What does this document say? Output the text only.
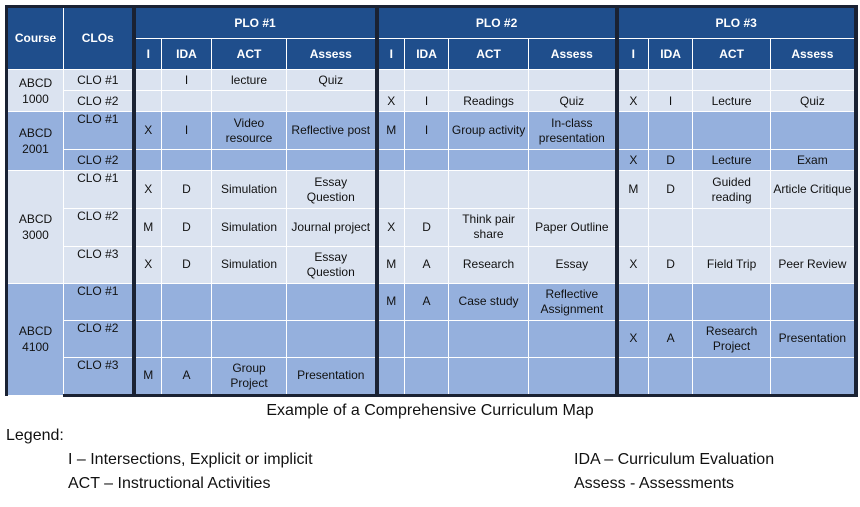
Course	CLOs	PLO #1				PLO #2				PLO #3			
		I	IDA	ACT	Assess	I	IDA	ACT	Assess	I	IDA	ACT	Assess
ABCD 1000	CLO #1		I	lecture	Quiz								
	CLO #2					X	I	Readings	Quiz	X	I	Lecture	Quiz
ABCD 2001	CLO #1	X	I	Video resource	Reflective post	M	I	Group activity	In-class presentation				
	CLO #2									X	D	Lecture	Exam
ABCD 3000	CLO #1	X	D	Simulation	Essay Question					M	D	Guided reading	Article Critique
	CLO #2	M	D	Simulation	Journal project	X	D	Think pair share	Paper Outline				
	CLO #3	X	D	Simulation	Essay Question	M	A	Research	Essay	X	D	Field Trip	Peer Review
ABCD 4100	CLO #1					M	A	Case study	Reflective Assignment				
	CLO #2									X	A	Research Project	Presentation
	CLO #3	M	A	Group Project	Presentation								
Example of a Comprehensive Curriculum Map
Legend:
I – Intersections, Explicit or implicit	IDA – Curriculum Evaluation
ACT – Instructional Activities	Assess - Assessments
